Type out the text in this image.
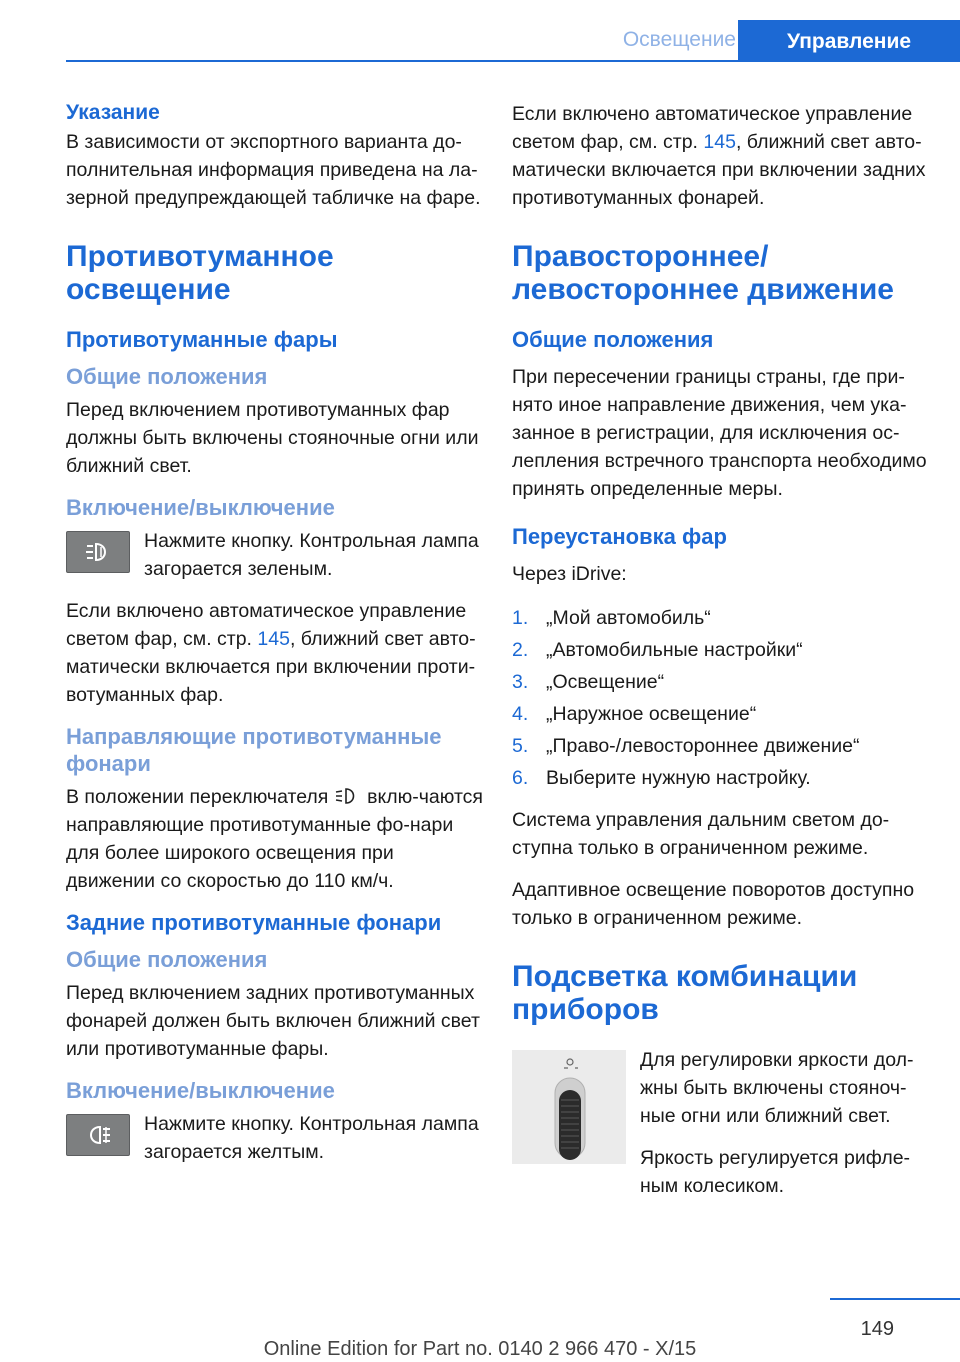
Освещение	Управление
Указание

В зависимости от экспортного варианта до-полнительная информация приведена на ла-зерной предупреждающей табличке на фаре.

Противотуманное освещение
Противотуманные фары
Общие положения

Перед включением противотуманных фар должны быть включены стояночные огни или ближний свет.

Включение/выключение
Нажмите кнопку. Контрольная лампа загорается зеленым.

Если включено автоматическое управление светом фар, см. стр. 145, ближний свет авто-матически включается при включении проти-вотуманных фар.

Направляющие противотуманные фонари

В положении переключателя  вклю-чаются направляющие противотуманные фо-нари для более широкого освещения при движении со скоростью до 110 км/ч.

Задние противотуманные фонари
Общие положения

Перед включением задних противотуманных фонарей должен быть включен ближний свет или противотуманные фары.

Включение/выключение
Нажмите кнопку. Контрольная лампа загорается желтым.

Если включено автоматическое управление светом фар, см. стр. 145, ближний свет авто-матически включается при включении задних противотуманных фонарей.

Правостороннее/ левостороннее движение
Общие положения

При пересечении границы страны, где при-нято иное направление движения, чем ука-занное в регистрации, для исключения ос-лепления встречного транспорта необходимо принять определенные меры.

Переустановка фар

Через iDrive:

1. „Мой автомобиль“
2. „Автомобильные настройки“
3. „Освещение“
4. „Наружное освещение“
5. „Право-/левостороннее движение“
6. Выберите нужную настройку.

Система управления дальним светом до-ступна только в ограниченном режиме.

Адаптивное освещение поворотов доступно только в ограниченном режиме.

Подсветка комбинации приборов

Для регулировки яркости дол-жны быть включены стояноч-ные огни или ближний свет.

Яркость регулируется рифле-ным колесиком.

149
Online Edition for Part no. 0140 2 966 470 - X/15
